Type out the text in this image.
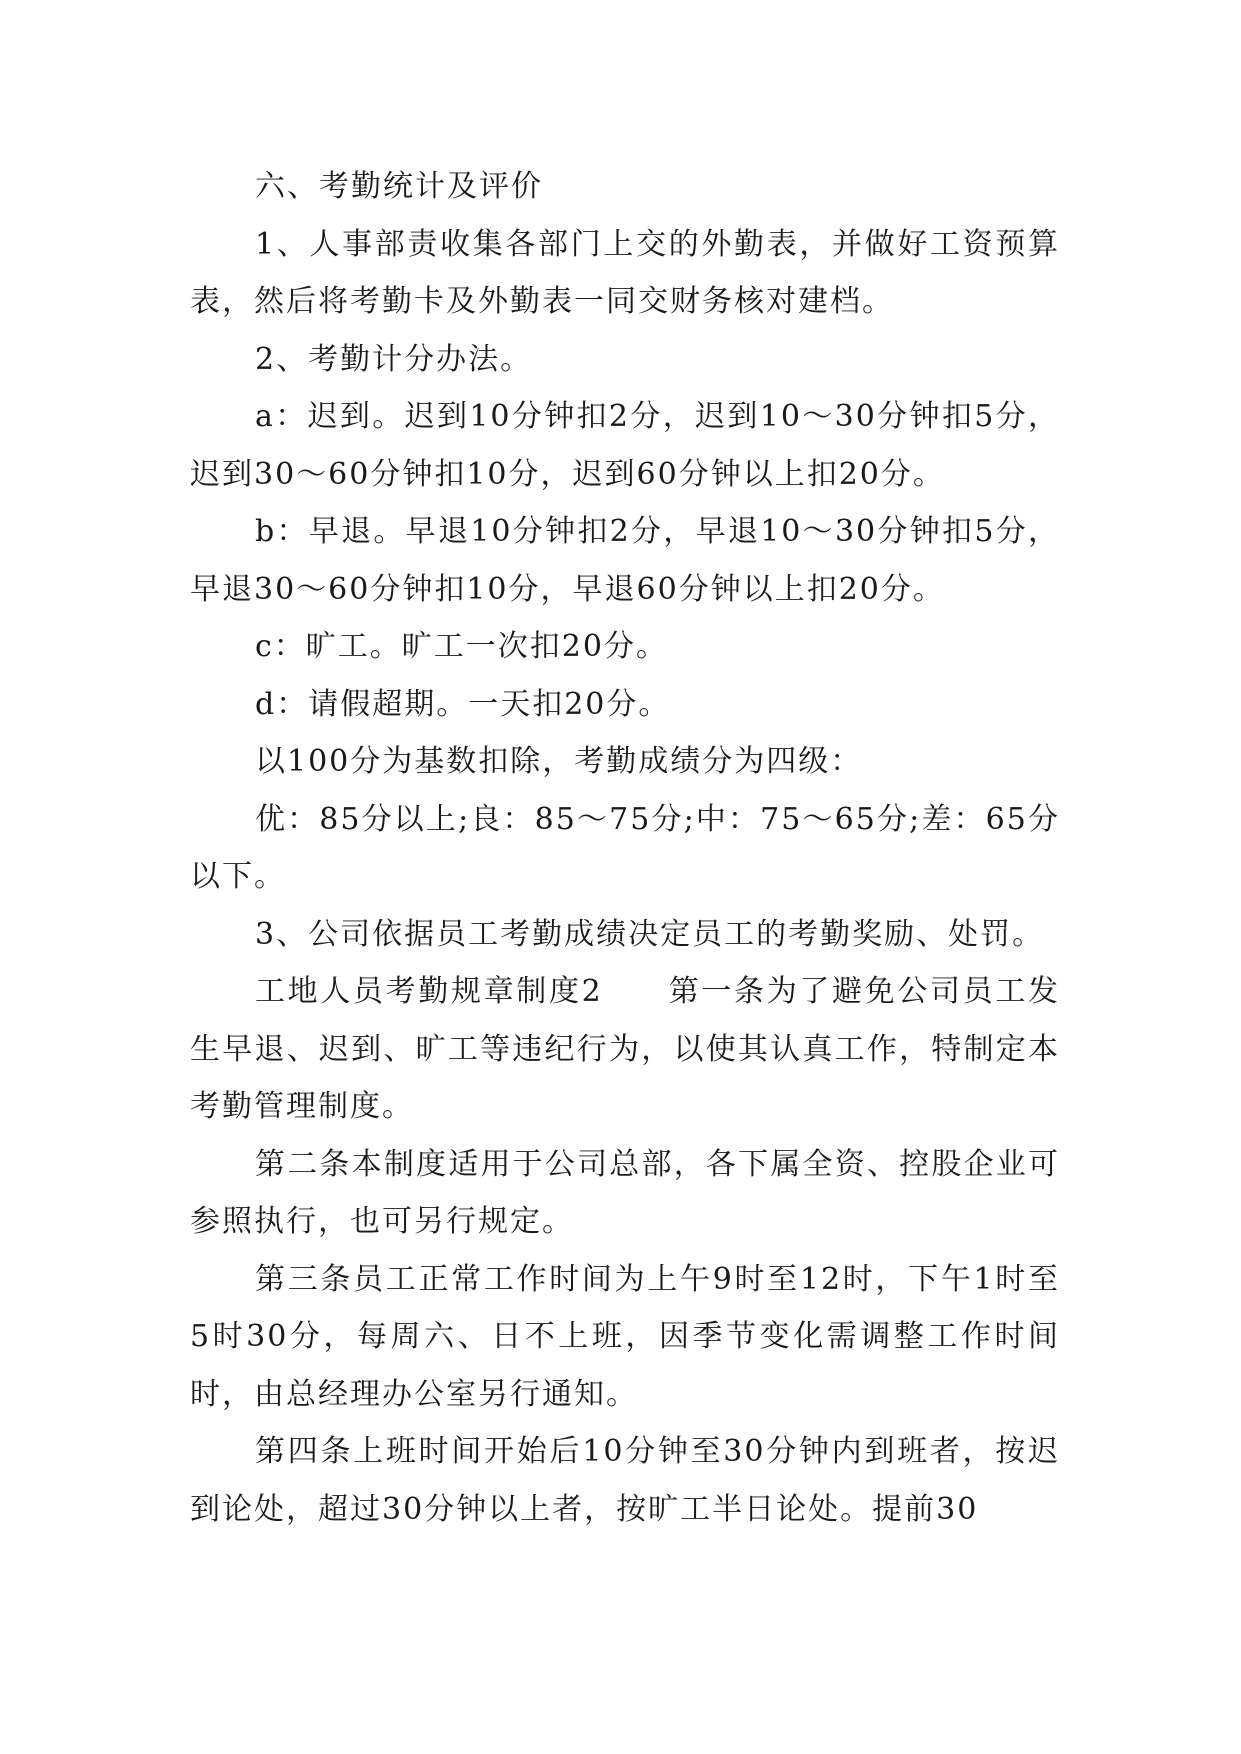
六、考勤统计及评价

1、人事部责收集各部门上交的外勤表，并做好工资预算表，然后将考勤卡及外勤表一同交财务核对建档。

2、考勤计分办法。

a：迟到。迟到10分钟扣2分，迟到10～30分钟扣5分，迟到30～60分钟扣10分，迟到60分钟以上扣20分。

b：早退。早退10分钟扣2分，早退10～30分钟扣5分，早退30～60分钟扣10分，早退60分钟以上扣20分。

c：旷工。旷工一次扣20分。

d：请假超期。一天扣20分。

以100分为基数扣除，考勤成绩分为四级：

优：85分以上;良：85～75分;中：75～65分;差：65分以下。

3、公司依据员工考勤成绩决定员工的考勤奖励、处罚。

工地人员考勤规章制度2　　第一条为了避免公司员工发生早退、迟到、旷工等违纪行为，以使其认真工作，特制定本考勤管理制度。

第二条本制度适用于公司总部，各下属全资、控股企业可参照执行，也可另行规定。

第三条员工正常工作时间为上午9时至12时，下午1时至5时30分，每周六、日不上班，因季节变化需调整工作时间时，由总经理办公室另行通知。

第四条上班时间开始后10分钟至30分钟内到班者，按迟到论处，超过30分钟以上者，按旷工半日论处。提前30
